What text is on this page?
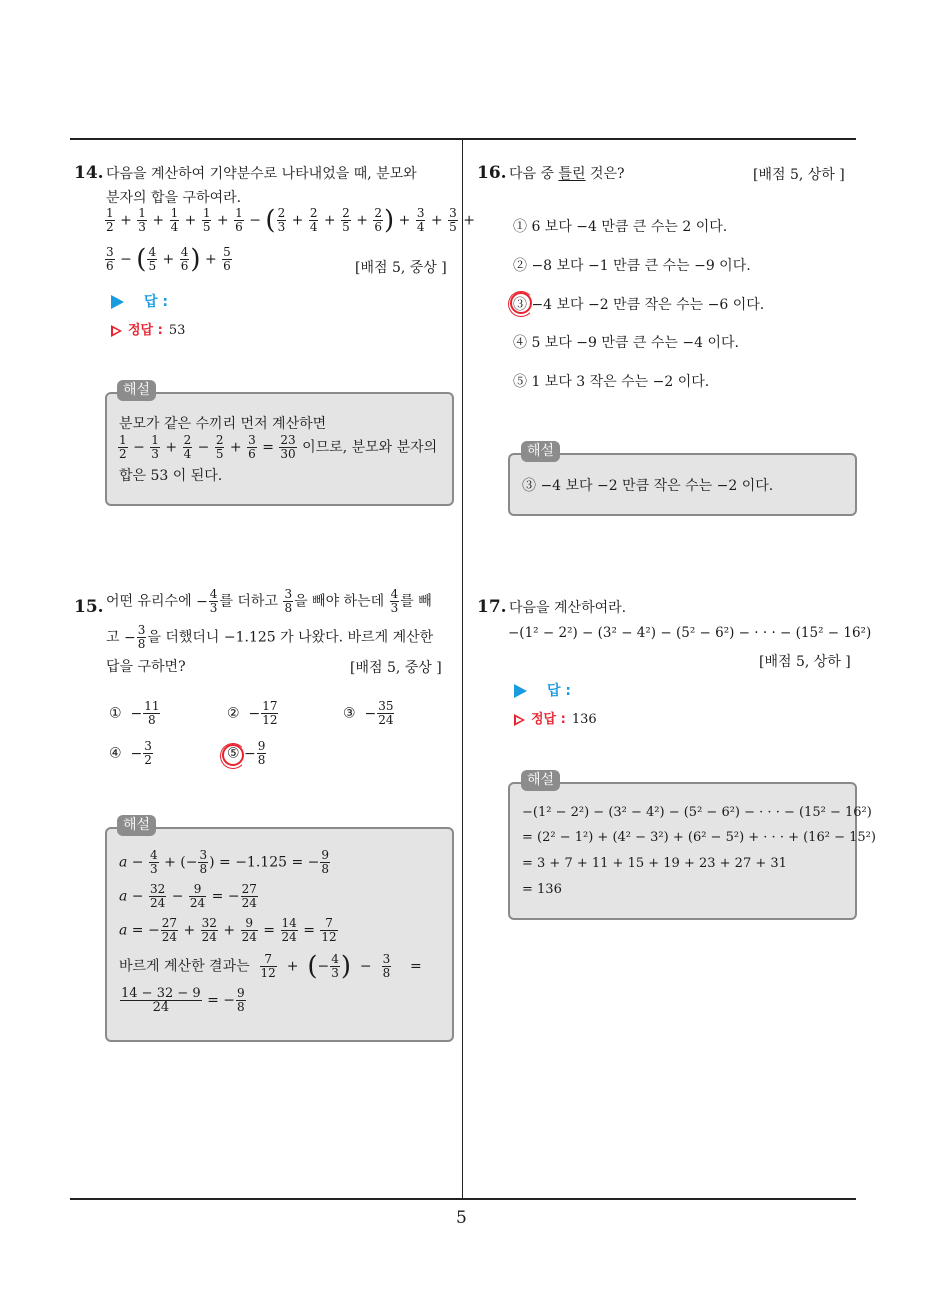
5
14. 다음을 계산하여 기약분수로 나타내었을 때, 분모와
분자의 합을 구하여라.
$\frac{1}{2} + \frac{1}{3} + \frac{1}{4} + \frac{1}{5} + \frac{1}{6}$ − ( $\frac{2}{3} + \frac{2}{4} + \frac{2}{5} + \frac{2}{6}$ ) + $\frac{3}{4} + \frac{3}{5}$ +
$\frac{3}{6}$ − ( $\frac{4}{5} + \frac{4}{6}$ ) + $\frac{5}{6}$	[배점 5, 중상 ]
답 :
정답 : 53
분모가 같은 수끼리 먼저 계산하면
$\frac{1}{2} - \frac{1}{3} + \frac{2}{4} - \frac{2}{5} + \frac{3}{6} = \frac{23}{30}$ 이므로, 분모와 분자의
합은 53 이 된다.
해설
15. 어떤 유리수에 − $\frac{4}{3}$ 를 더하고 $\frac{3}{8}$ 을 빼야 하는데 $\frac{4}{3}$ 를 빼
고 − $\frac{3}{8}$ 을 더했더니 −1.125 가 나왔다. 바르게 계산한
답을 구하면?	[배점 5, 중상 ]
①  − $\frac{11}{8}$	②  − $\frac{17}{12}$	③  − $\frac{35}{24}$
④  − $\frac{3}{2}$	⑤ − $\frac{9}{8}$
$a - \frac{4}{3}$ + (− $\frac{3}{8}$ ) = −1.125 = − $\frac{9}{8}$
$a - \frac{32}{24} - \frac{9}{24}$ = − $\frac{27}{24}$
a = − $\frac{27}{24} + \frac{32}{24} + \frac{9}{24} = \frac{14}{24} = \frac{7}{12}$
바르게 계산한 결과는 $\frac{7}{12}$ +  (− $\frac{4}{3}$ )  − $\frac{3}{8}$ =
$\frac{14 - 32 - 9}{24}$ = − $\frac{9}{8}$
해설
16. 다음 중 틀린 것은?	[배점 5, 상하 ]
① 6 보다 −4 만큼 큰 수는 2 이다.
② −8 보다 −1 만큼 큰 수는 −9 이다.
③ −4 보다 −2 만큼 작은 수는 −6 이다.
④ 5 보다 −9 만큼 큰 수는 −4 이다.
⑤ 1 보다 3 작은 수는 −2 이다.
③ −4 보다 −2 만큼 작은 수는 −2 이다.
해설
17. 다음을 계산하여라.
−(1² − 2²) − (3² − 4²) − (5² − 6²) − · · · − (15² − 16²)
[배점 5, 상하 ]
답 :
정답 : 136
−(1² − 2²) − (3² − 4²) − (5² − 6²) − · · · − (15² − 16²)
= (2² − 1²) + (4² − 3²) + (6² − 5²) + · · · + (16² − 15²)
= 3 + 7 + 11 + 15 + 19 + 23 + 27 + 31
= 136
해설
